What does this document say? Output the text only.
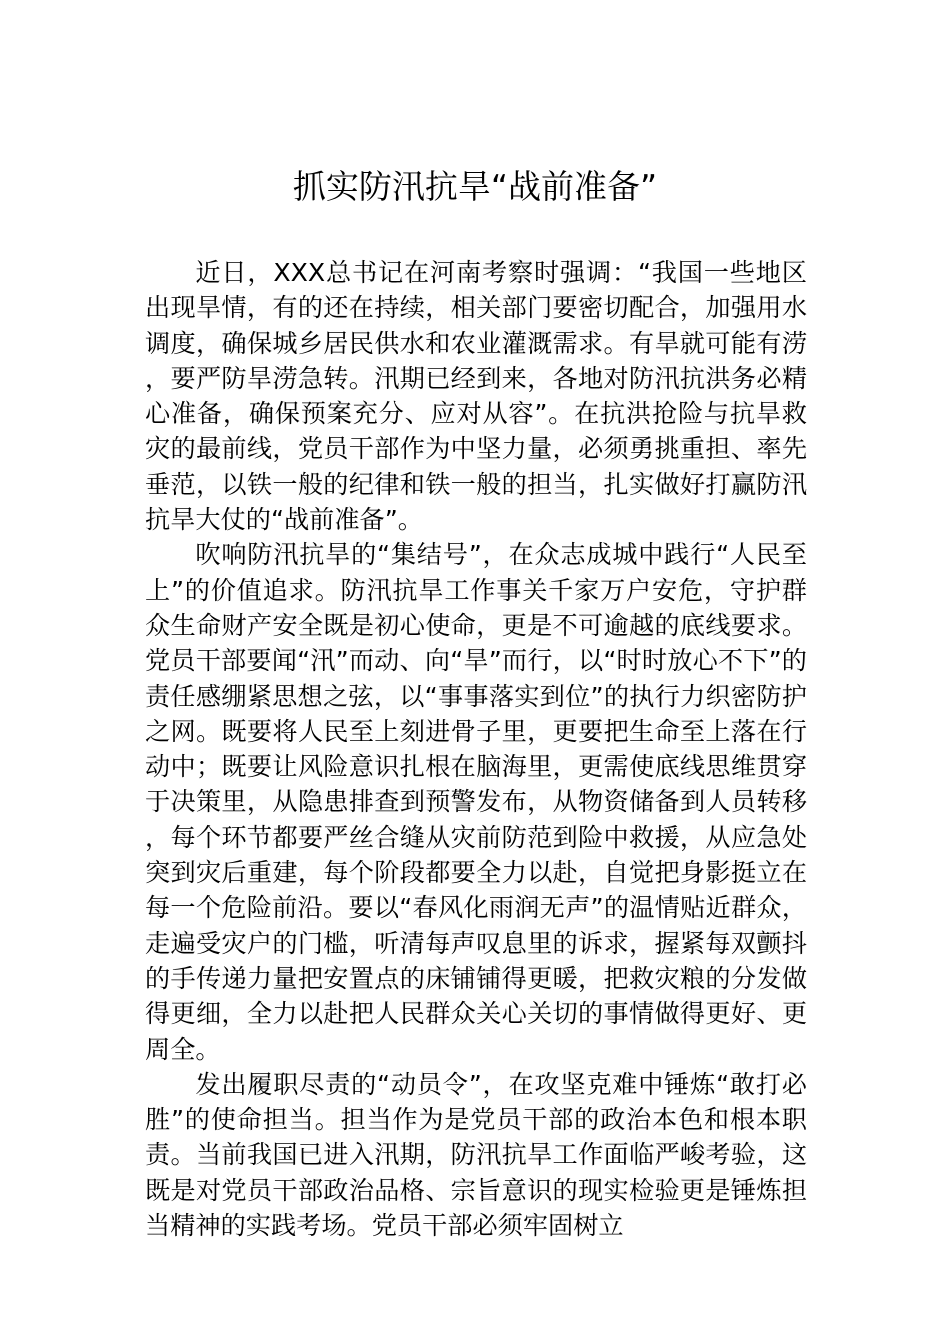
抓实防汛抗旱“战前准备”

近日，XXX总书记在河南考察时强调：“我国一些地区出现旱情，有的还在持续，相关部门要密切配合，加强用水调度，确保城乡居民供水和农业灌溉需求。有旱就可能有涝，要严防旱涝急转。汛期已经到来，各地对防汛抗洪务必精心准备，确保预案充分、应对从容”。在抗洪抢险与抗旱救灾的最前线，党员干部作为中坚力量，必须勇挑重担、率先垂范，以铁一般的纪律和铁一般的担当，扎实做好打赢防汛抗旱大仗的“战前准备”。

吹响防汛抗旱的“集结号”，在众志成城中践行“人民至上”的价值追求。防汛抗旱工作事关千家万户安危，守护群众生命财产安全既是初心使命，更是不可逾越的底线要求。党员干部要闻“汛”而动、向“旱”而行，以“时时放心不下”的责任感绷紧思想之弦，以“事事落实到位”的执行力织密防护之网。既要将人民至上刻进骨子里，更要把生命至上落在行动中；既要让风险意识扎根在脑海里，更需使底线思维贯穿于决策里，从隐患排查到预警发布，从物资储备到人员转移，每个环节都要严丝合缝从灾前防范到险中救援，从应急处突到灾后重建，每个阶段都要全力以赴，自觉把身影挺立在每一个危险前沿。要以“春风化雨润无声”的温情贴近群众，走遍受灾户的门槛，听清每声叹息里的诉求，握紧每双颤抖的手传递力量把安置点的床铺铺得更暖，把救灾粮的分发做得更细，全力以赴把人民群众关心关切的事情做得更好、更周全。

发出履职尽责的“动员令”，在攻坚克难中锤炼“敢打必胜”的使命担当。担当作为是党员干部的政治本色和根本职责。当前我国已进入汛期，防汛抗旱工作面临严峻考验，这既是对党员干部政治品格、宗旨意识的现实检验更是锤炼担当精神的实践考场。党员干部必须牢固树立
